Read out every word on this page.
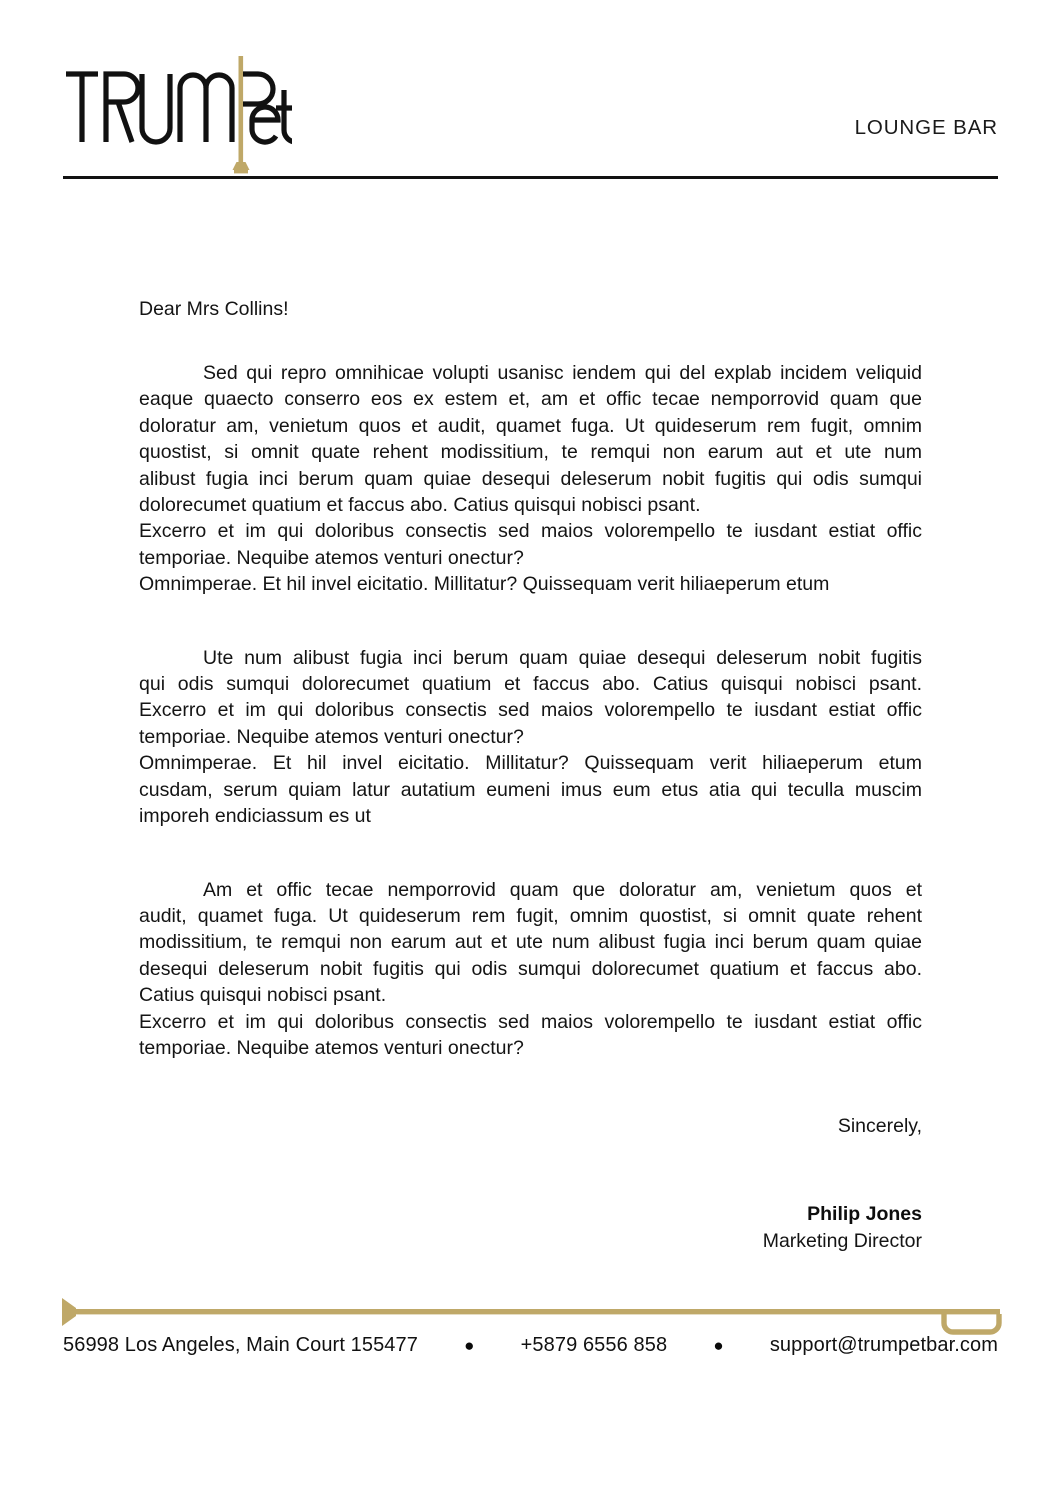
LOUNGE BAR

Dear Mrs Collins!

Sed qui repro omnihicae volupti usanisc iendem qui del explab incidem veliquid
eaque quaecto conserro eos ex estem et, am et offic tecae nemporrovid quam que
doloratur am, venietum quos et audit, quamet fuga. Ut quideserum rem fugit, omnim
quostist, si omnit quate rehent modissitium, te remqui non earum aut et ute num
alibust fugia inci berum quam quiae desequi deleserum nobit fugitis qui odis sumqui
dolorecumet quatium et faccus abo. Catius quisqui nobisci psant.
Excerro et im qui doloribus consectis sed maios volorempello te iusdant estiat offic
temporiae. Nequibe atemos venturi onectur?
Omnimperae. Et hil invel eicitatio. Millitatur? Quissequam verit hiliaeperum etum
Ute num alibust fugia inci berum quam quiae desequi deleserum nobit fugitis
qui odis sumqui dolorecumet quatium et faccus abo. Catius quisqui nobisci psant.
Excerro et im qui doloribus consectis sed maios volorempello te iusdant estiat offic
temporiae. Nequibe atemos venturi onectur?
Omnimperae. Et hil invel eicitatio. Millitatur? Quissequam verit hiliaeperum etum
cusdam, serum quiam latur autatium eumeni imus eum etus atia qui teculla muscim
imporeh endiciassum es ut
Am et offic tecae nemporrovid quam que doloratur am, venietum quos et
audit, quamet fuga. Ut quideserum rem fugit, omnim quostist, si omnit quate rehent
modissitium, te remqui non earum aut et ute num alibust fugia inci berum quam quiae
desequi deleserum nobit fugitis qui odis sumqui dolorecumet quatium et faccus abo.
Catius quisqui nobisci psant.
Excerro et im qui doloribus consectis sed maios volorempello te iusdant estiat offic
temporiae. Nequibe atemos venturi onectur?

Sincerely,

Philip Jones

Marketing Director

56998 Los Angeles, Main Court 155477	● +5879 6556 858	● support@trumpetbar.com
